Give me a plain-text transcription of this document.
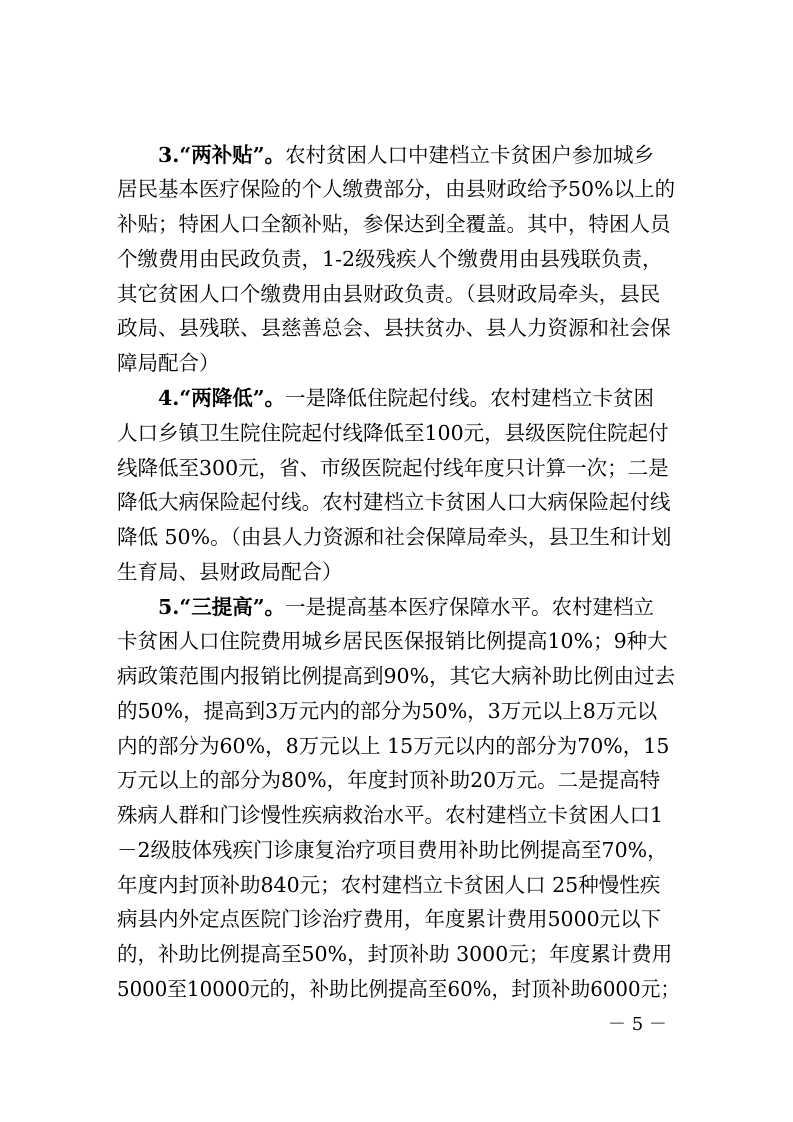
3.“两补贴”。农村贫困人口中建档立卡贫困户参加城乡
居民基本医疗保险的个人缴费部分，由县财政给予50%以上的
补贴；特困人口全额补贴，参保达到全覆盖。其中，特困人员
个缴费用由民政负责，1-2级残疾人个缴费用由县残联负责，
其它贫困人口个缴费用由县财政负责。（县财政局牵头，县民
政局、县残联、县慈善总会、县扶贫办、县人力资源和社会保
障局配合）
4.“两降低”。一是降低住院起付线。农村建档立卡贫困
人口乡镇卫生院住院起付线降低至100元，县级医院住院起付
线降低至300元，省、市级医院起付线年度只计算一次；二是
降低大病保险起付线。农村建档立卡贫困人口大病保险起付线
降低 50%。（由县人力资源和社会保障局牵头，县卫生和计划
生育局、县财政局配合）
5.“三提高”。一是提高基本医疗保障水平。农村建档立
卡贫困人口住院费用城乡居民医保报销比例提高10%；9种大
病政策范围内报销比例提高到90%，其它大病补助比例由过去
的50%，提高到3万元内的部分为50%，3万元以上8万元以
内的部分为60%，8万元以上 15万元以内的部分为70%，15
万元以上的部分为80%，年度封顶补助20万元。二是提高特
殊病人群和门诊慢性疾病救治水平。农村建档立卡贫困人口1
－2级肢体残疾门诊康复治疗项目费用补助比例提高至70%，
年度内封顶补助840元；农村建档立卡贫困人口 25种慢性疾
病县内外定点医院门诊治疗费用，年度累计费用5000元以下
的，补助比例提高至50%，封顶补助 3000元；年度累计费用
5000至10000元的，补助比例提高至60%，封顶补助6000元；
－ 5 －
